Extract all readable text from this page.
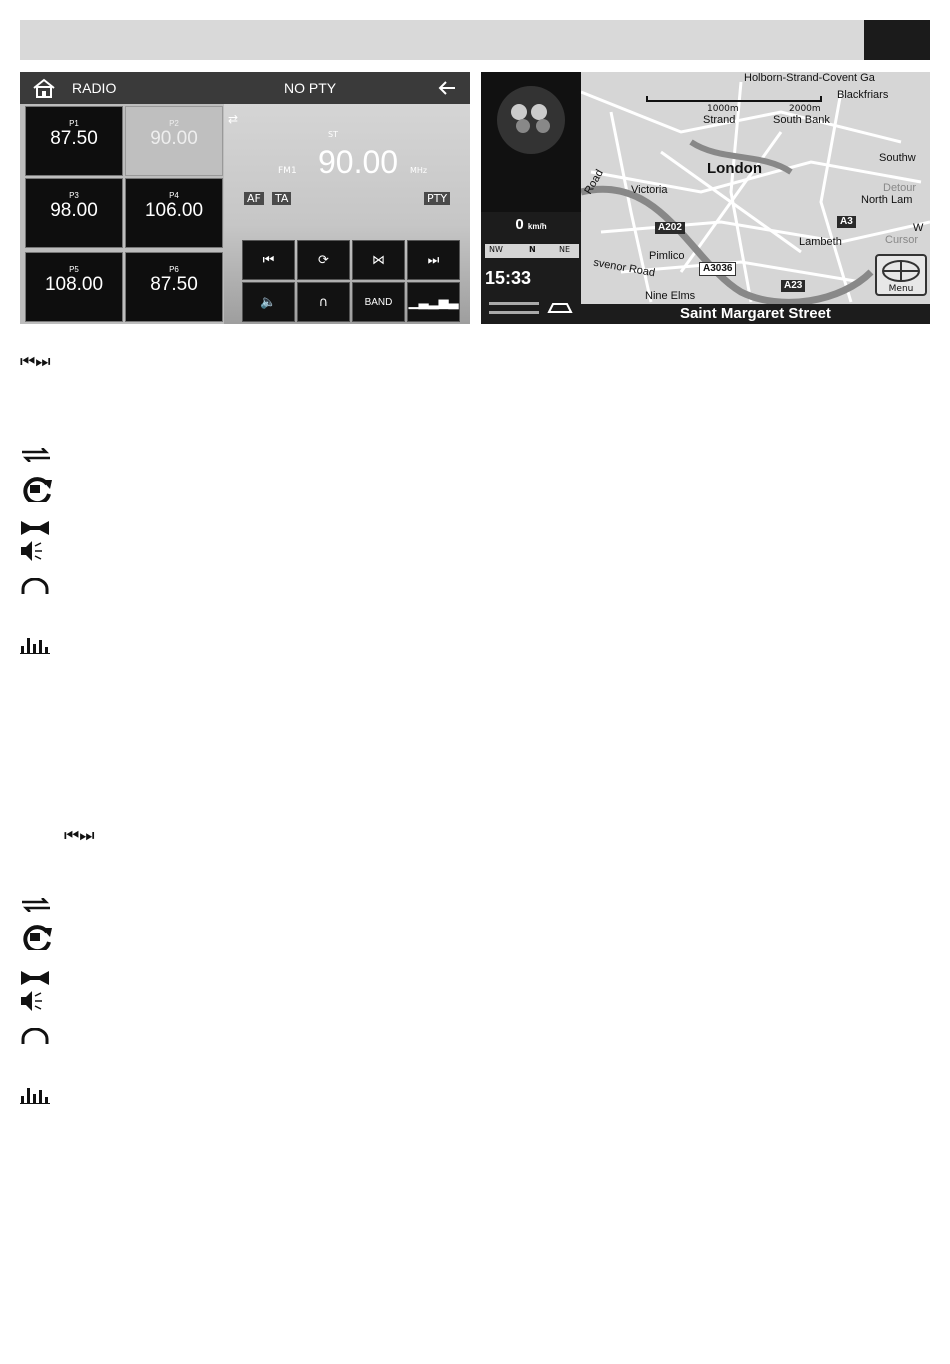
RADIO	NO PTY
P1
87.50
P2
90.00
P3
98.00
P4
106.00
P5
108.00
P6
87.50
⇄
ST
FM1 90.00 MHz
AF TA	PTY
⏮	⟳	⋈	⏭
🔈	∩	BAND	▁▃▂▅▃
1000m	2000m
Holborn-Strand-Covent Ga
Blackfriars
Strand	South Bank
London
Southw
Victoria
Road	Detour
North Lam
W
Lambeth	Cursor
Pimlico
svenor Road
Nine Elms
A202
A3
A3036
A23
0 km/h
NW	N	NE
15:33
Saint Margaret Street
Menu
⏮⏭
⏮⏭
